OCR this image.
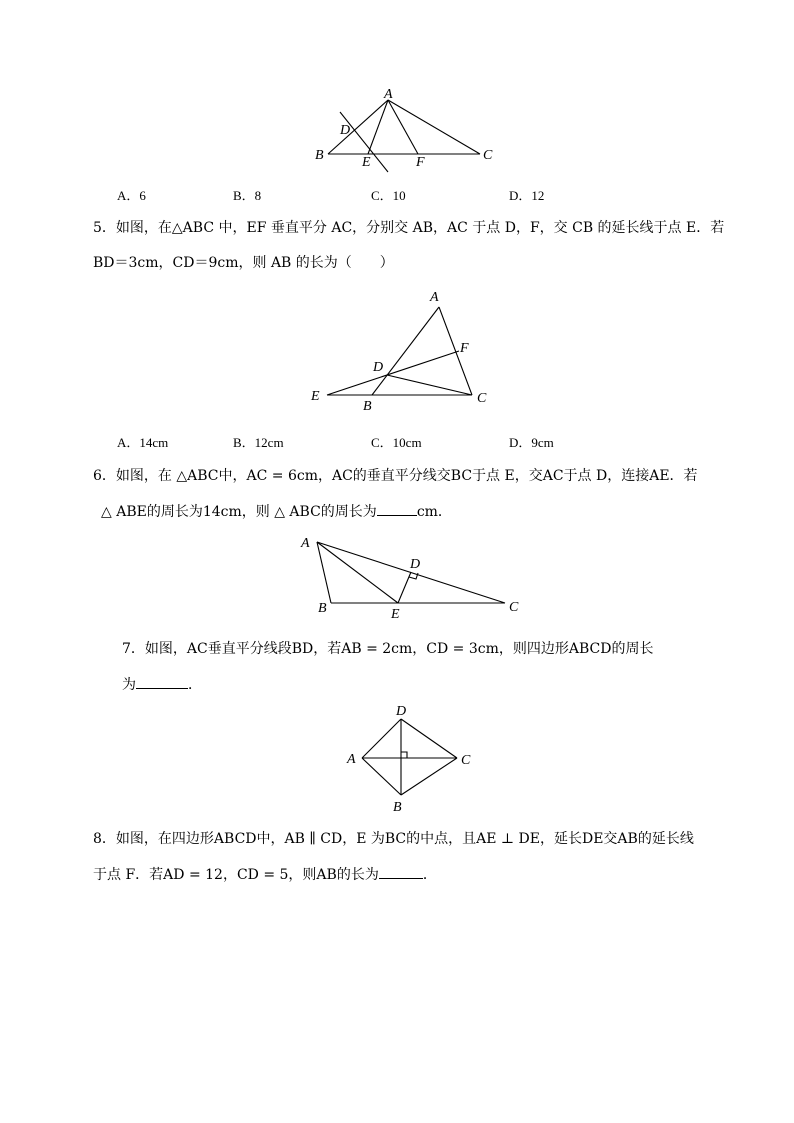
A
B	C
D
E	F
A．6	B．8	C．10	D．12
5．如图，在△ABC 中，EF 垂直平分 AC，分别交 AB，AC 于点 D，F，交 CB 的延长线于点 E．若
BD＝3cm，CD＝9cm，则 AB 的长为（　　）
A
F
D
E
B
C
A．14cm	B．12cm	C．10cm	D．9cm
6．如图，在 △ABC中，AC = 6cm，AC的垂直平分线交BC于点 E，交AC于点 D，连接AE．若
△ ABE的周长为14cm，则 △ ABC的周长为	cm．
A
D
B	E	C
7．如图，AC垂直平分线段BD，若AB = 2cm，CD = 3cm，则四边形ABCD的周长
为	．
D
A	C
B
8．如图，在四边形ABCD中，AB ∥ CD，E 为BC的中点，且AE ⊥ DE，延长DE交AB的延长线
于点 F．若AD = 12，CD = 5，则AB的长为	．
